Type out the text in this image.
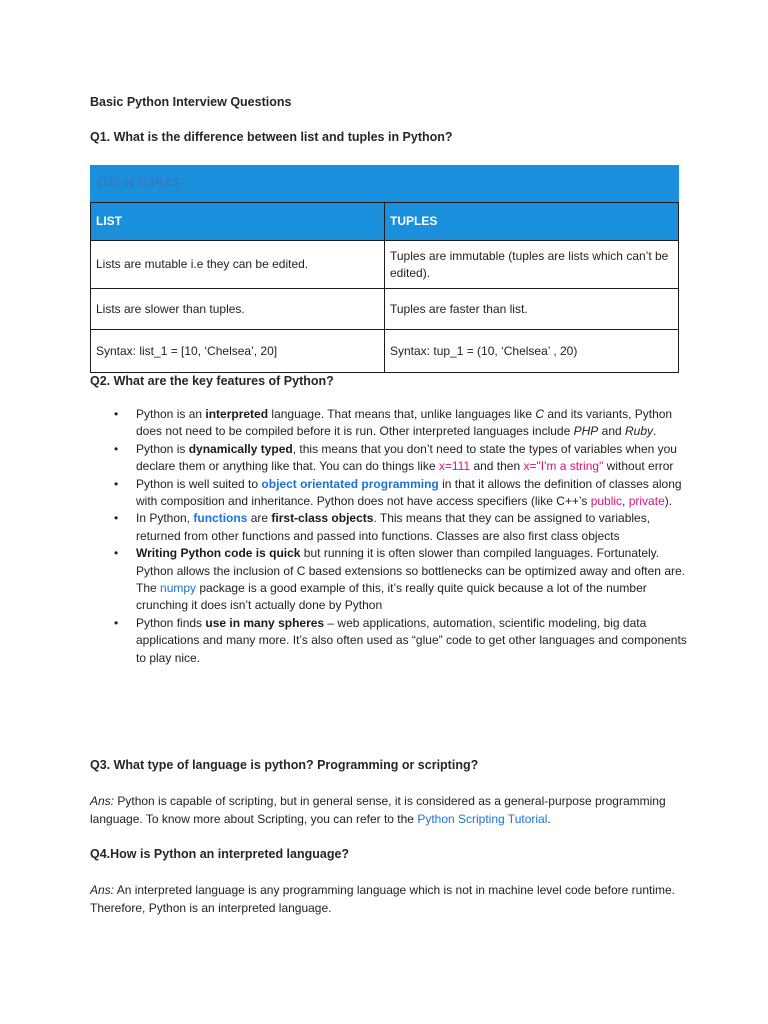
Basic Python Interview Questions
Q1. What is the difference between list and tuples in Python?
LIST vs TUPLES
LIST	TUPLES
Lists are mutable i.e they can be edited.	Tuples are immutable (tuples are lists which can’t be edited).
Lists are slower than tuples.	Tuples are faster than list.
Syntax: list_1 = [10, ‘Chelsea’, 20]	Syntax: tup_1 = (10, ‘Chelsea’ , 20)
Q2. What are the key features of Python?
• Python is an interpreted language. That means that, unlike languages like C and its variants, Python does not need to be compiled before it is run. Other interpreted languages include PHP and Ruby.
• Python is dynamically typed, this means that you don’t need to state the types of variables when you declare them or anything like that. You can do things like x=111 and then x="I'm a string" without error
• Python is well suited to object orientated programming in that it allows the definition of classes along with composition and inheritance. Python does not have access specifiers (like C++’s public, private).
• In Python, functions are first-class objects. This means that they can be assigned to variables, returned from other functions and passed into functions. Classes are also first class objects
• Writing Python code is quick but running it is often slower than compiled languages. Fortunately. Python allows the inclusion of C based extensions so bottlenecks can be optimized away and often are. The numpy package is a good example of this, it’s really quite quick because a lot of the number crunching it does isn’t actually done by Python
• Python finds use in many spheres – web applications, automation, scientific modeling, big data applications and many more. It’s also often used as “glue” code to get other languages and components to play nice.
Q3. What type of language is python? Programming or scripting?
Ans: Python is capable of scripting, but in general sense, it is considered as a general-purpose programming language. To know more about Scripting, you can refer to the Python Scripting Tutorial.
Q4.How is Python an interpreted language?
Ans: An interpreted language is any programming language which is not in machine level code before runtime. Therefore, Python is an interpreted language.
